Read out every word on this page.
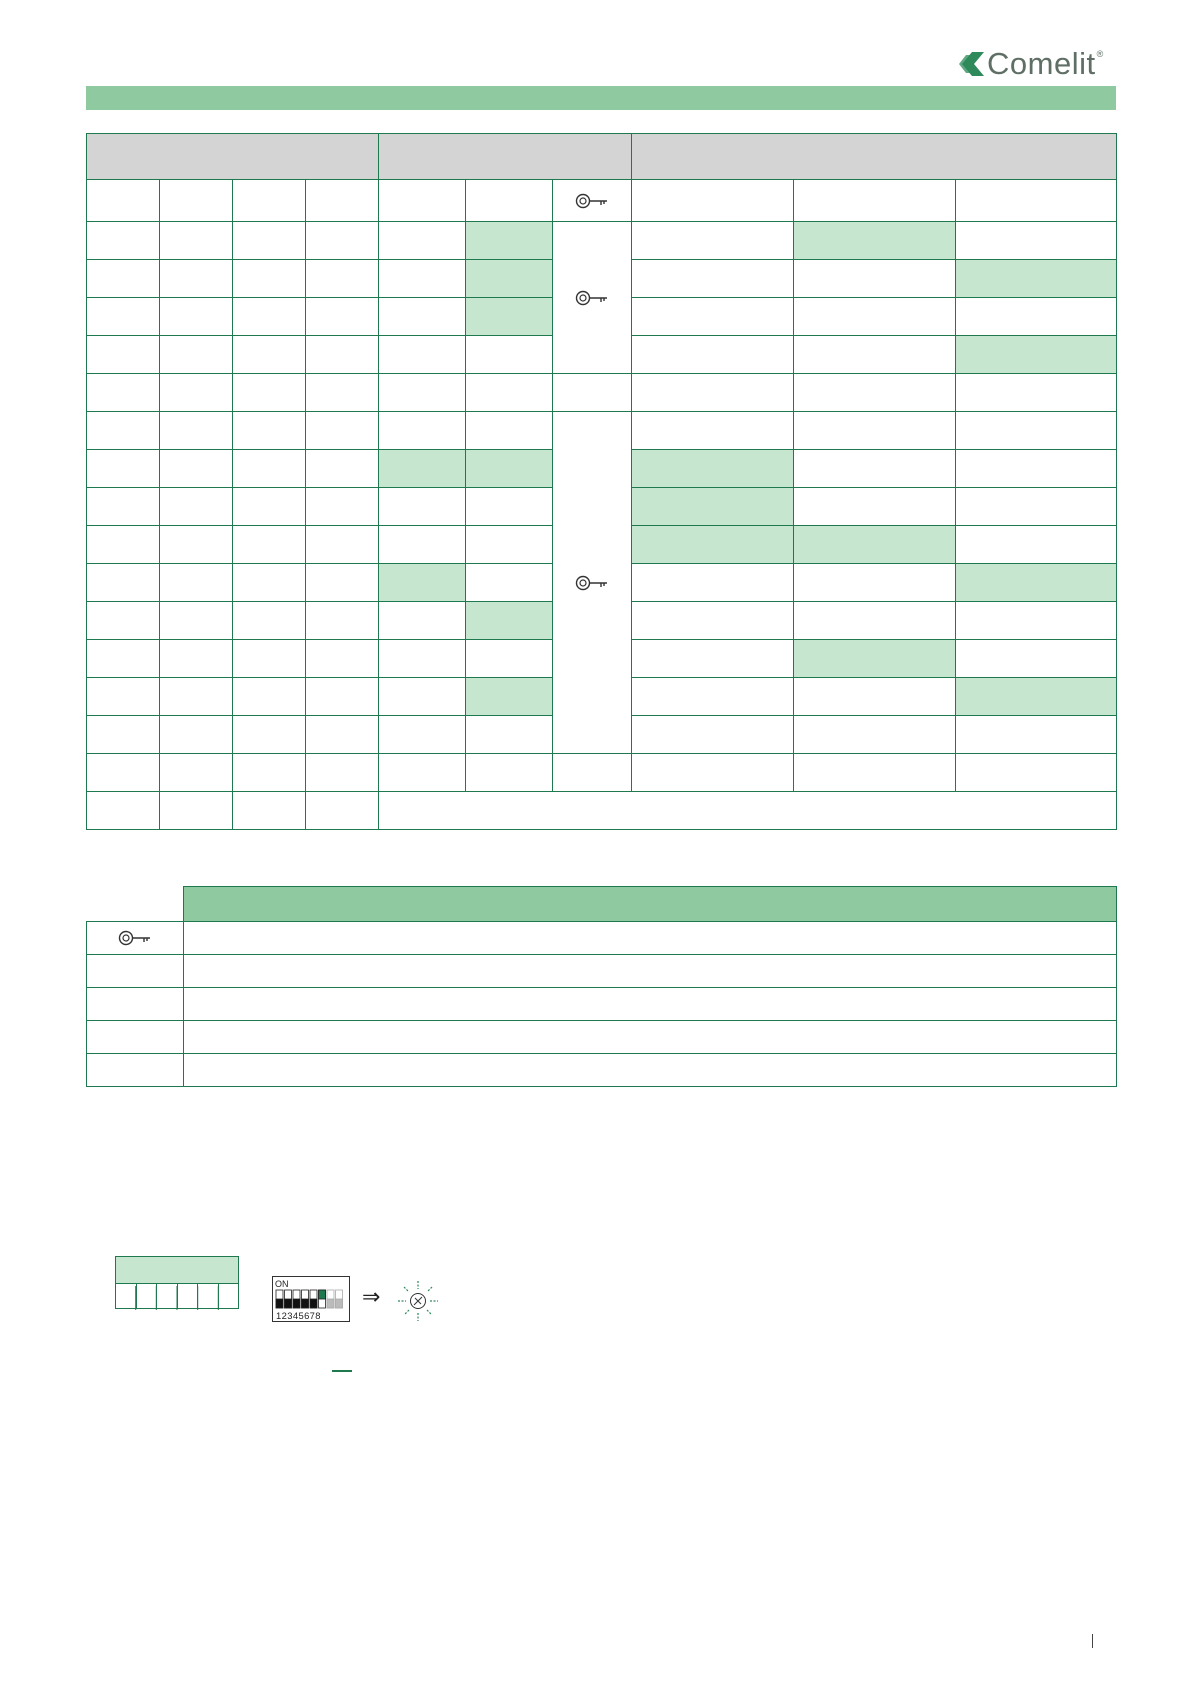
Comelit ®

ON
12345678
⇒
